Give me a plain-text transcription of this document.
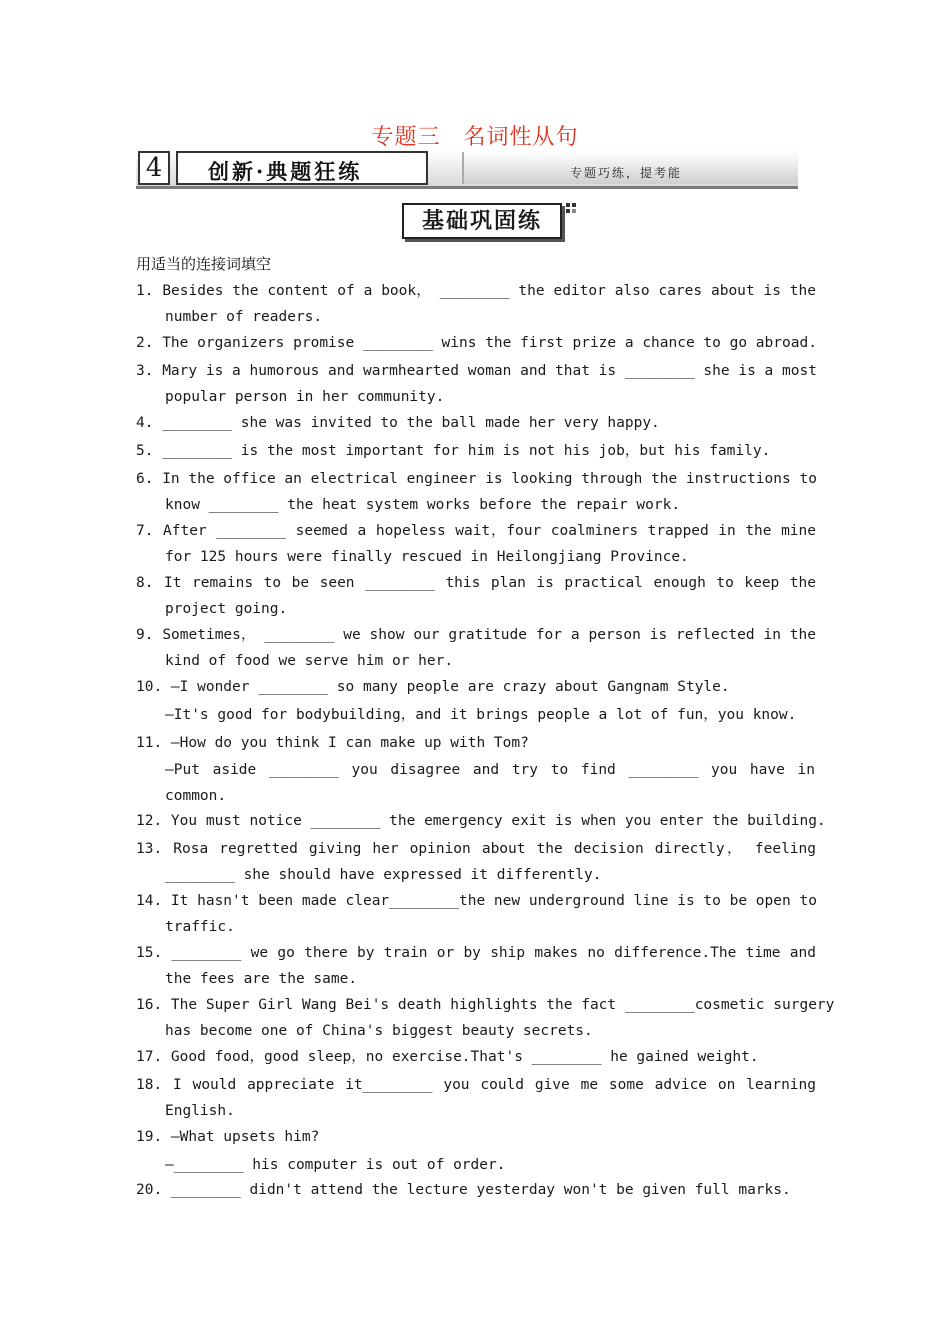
专题三　名词性从句
4	创新·典题狂练	专题巧练，提考能
基础巩固练
用适当的连接词填空
1. Besides the content of a book， ________ the editor also cares about is the
number of readers.
2. The organizers promise ________ wins the first prize a chance to go abroad.
3. Mary is a humorous and warmhearted woman and that is ________ she is a most
popular person in her community.
4. ________ she was invited to the ball made her very happy.
5. ________ is the most important for him is not his job，but his family.
6. In the office an electrical engineer is looking through the instructions to
know ________ the heat system works before the repair work.
7. After ________ seemed a hopeless wait，four coalminers trapped in the mine
for 125 hours were finally rescued in Heilongjiang Province.
8. It remains to be seen ________ this plan is practical enough to keep the
project going.
9. Sometimes， ________ we show our gratitude for a person is reflected in the
kind of food we serve him or her.
10. —I wonder ________ so many people are crazy about Gangnam Style.
—It's good for bodybuilding，and it brings people a lot of fun，you know.
11. —How do you think I can make up with Tom?
—Put aside ________ you disagree and try to find ________ you have in
common.
12. You must notice ________ the emergency exit is when you enter the building.
13. Rosa regretted giving her opinion about the decision directly， feeling
________ she should have expressed it differently.
14. It hasn't been made clear________the new underground line is to be open to
traffic.
15. ________ we go there by train or by ship makes no difference.The time and
the fees are the same.
16. The Super Girl Wang Bei's death highlights the fact ________cosmetic surgery
has become one of China's biggest beauty secrets.
17. Good food，good sleep，no exercise.That's ________ he gained weight.
18. I would appreciate it________ you could give me some advice on learning
English.
19. —What upsets him?
—________ his computer is out of order.
20. ________ didn't attend the lecture yesterday won't be given full marks.
